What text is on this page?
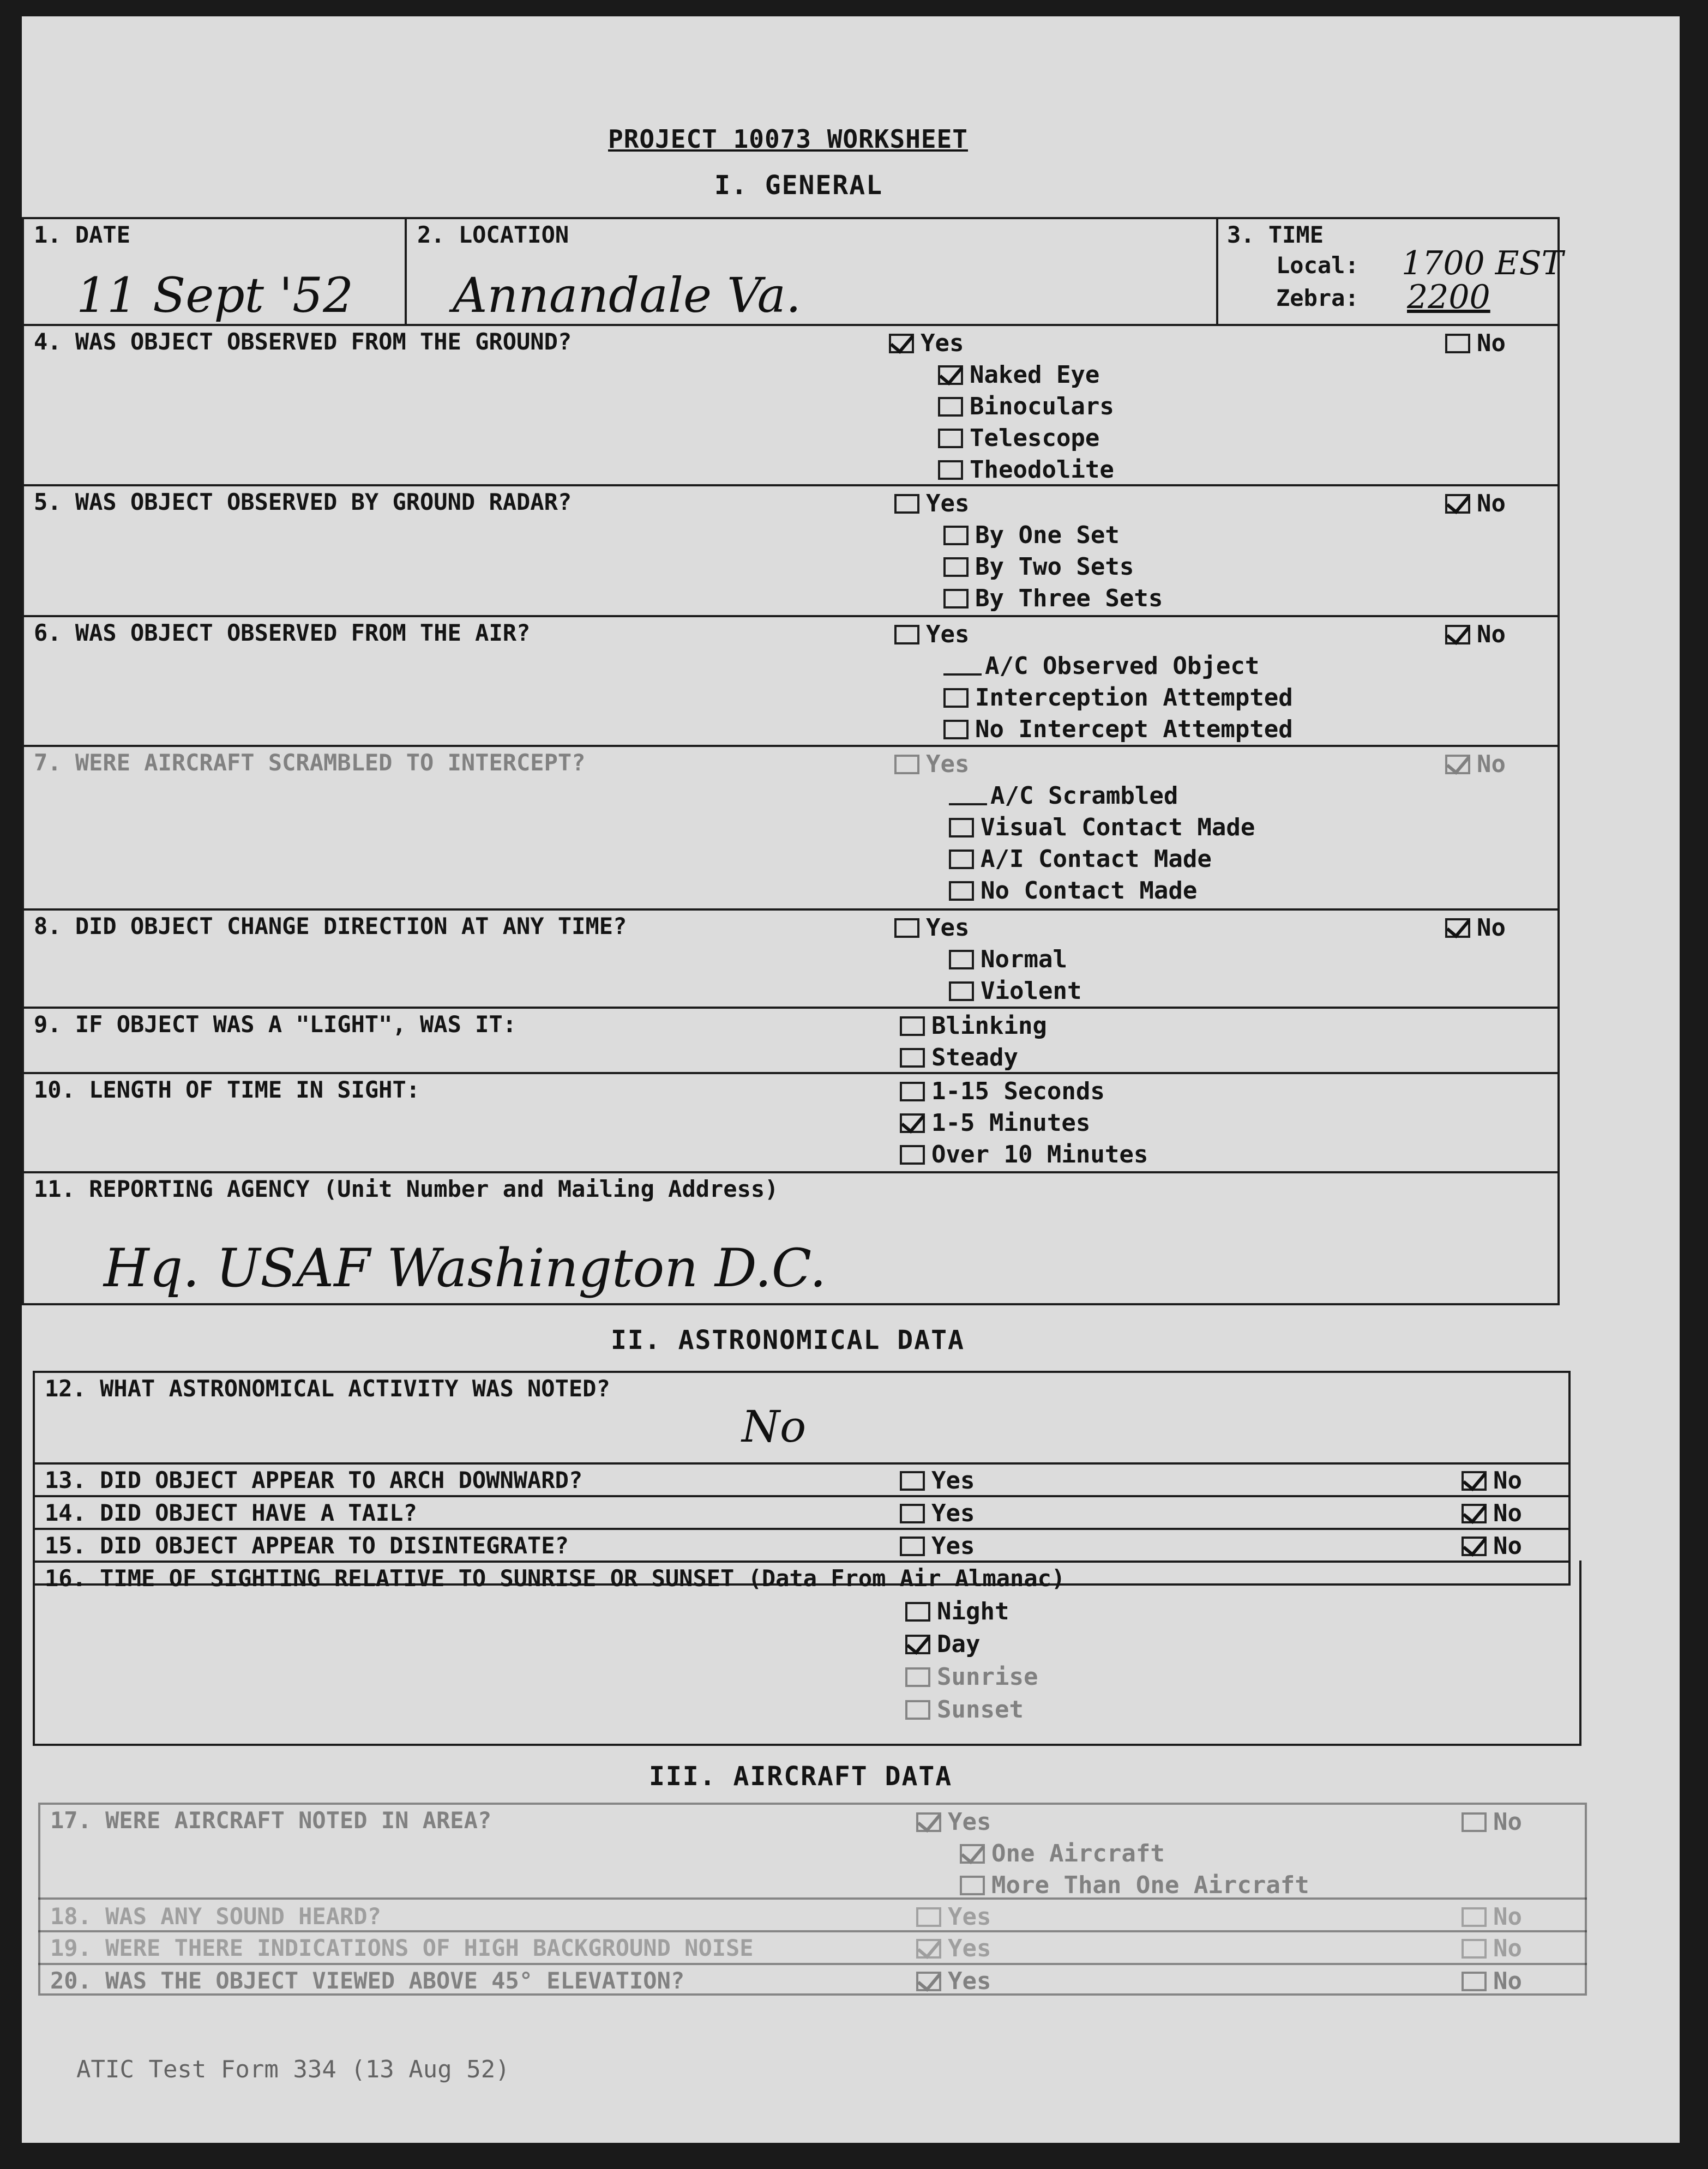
PROJECT 10073 WORKSHEET
I. GENERAL
1. DATE
11 Sept '52
2. LOCATION
Annandale Va.
3. TIME
Local: 1700 EST
Zebra: 2200
4. WAS OBJECT OBSERVED FROM THE GROUND?	Yes	No
Naked Eye
Binoculars
Telescope
Theodolite
5. WAS OBJECT OBSERVED BY GROUND RADAR?	Yes	No
By One Set
By Two Sets
By Three Sets
6. WAS OBJECT OBSERVED FROM THE AIR?	Yes	No
A/C Observed Object
Interception Attempted
No Intercept Attempted
7. WERE AIRCRAFT SCRAMBLED TO INTERCEPT?	Yes	No
A/C Scrambled
Visual Contact Made
A/I Contact Made
No Contact Made
8. DID OBJECT CHANGE DIRECTION AT ANY TIME?	Yes	No
Normal
Violent
9. IF OBJECT WAS A "LIGHT", WAS IT:	Blinking
Steady
10. LENGTH OF TIME IN SIGHT:	1-15 Seconds
1-5 Minutes
Over 10 Minutes
11. REPORTING AGENCY (Unit Number and Mailing Address)
Hq. USAF Washington D.C.
II. ASTRONOMICAL DATA
12. WHAT ASTRONOMICAL ACTIVITY WAS NOTED?
No
13. DID OBJECT APPEAR TO ARCH DOWNWARD?	Yes	No
14. DID OBJECT HAVE A TAIL?	Yes	No
15. DID OBJECT APPEAR TO DISINTEGRATE?	Yes	No
16. TIME OF SIGHTING RELATIVE TO SUNRISE OR SUNSET (Data From Air Almanac)
Night
Day
Sunrise
Sunset
III. AIRCRAFT DATA
17. WERE AIRCRAFT NOTED IN AREA?	Yes	No
One Aircraft
More Than One Aircraft
18. WAS ANY SOUND HEARD?	Yes	No
19. WERE THERE INDICATIONS OF HIGH BACKGROUND NOISE	Yes	No
20. WAS THE OBJECT VIEWED ABOVE 45° ELEVATION?	Yes	No
ATIC Test Form 334 (13 Aug 52)
